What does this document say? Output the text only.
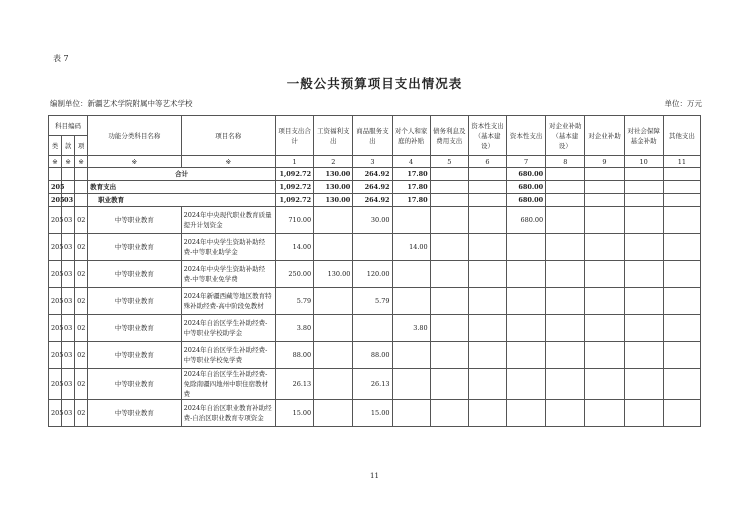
表 7
一般公共预算项目支出情况表
编制单位：新疆艺术学院附属中等艺术学校	单位：万元
科目编码			功能分类科目名称	项目名称	项目支出合计	工资福利支出	商品服务支出	对个人和家庭的补贴	债务利息及费用支出	资本性支出（基本建设）	资本性支出	对企业补助（基本建设）	对企业补助	对社会保障基金补助	其他支出
类	款	项													
※	※	※	※	※	1	2	3	4	5	6	7	8	9	10	11
			合计		1,092.72	130.00	264.92	17.80			680.00				
205			教育支出		1,092.72	130.00	264.92	17.80			680.00				
205	03		职业教育		1,092.72	130.00	264.92	17.80			680.00				
205	03	02	中等职业教育	2024年中央现代职业教育质量提升计划资金	710.00		30.00				680.00				
205	03	02	中等职业教育	2024年中央学生资助补助经费-中等职业助学金	14.00			14.00							
205	03	02	中等职业教育	2024年中央学生资助补助经费-中等职业免学费	250.00	130.00	120.00								
205	03	02	中等职业教育	2024年新疆西藏等地区教育特殊补助经费-高中阶段免教材	5.79		5.79								
205	03	02	中等职业教育	2024年自治区学生补助经费-中等职业学校助学金	3.80			3.80							
205	03	02	中等职业教育	2024年自治区学生补助经费-中等职业学校免学费	88.00		88.00								
205	03	02	中等职业教育	2024年自治区学生补助经费-免除南疆四地州中职住宿教材费	26.13		26.13								
205	03	02	中等职业教育	2024年自治区职业教育补助经费-自治区职业教育专项资金	15.00		15.00								
11
